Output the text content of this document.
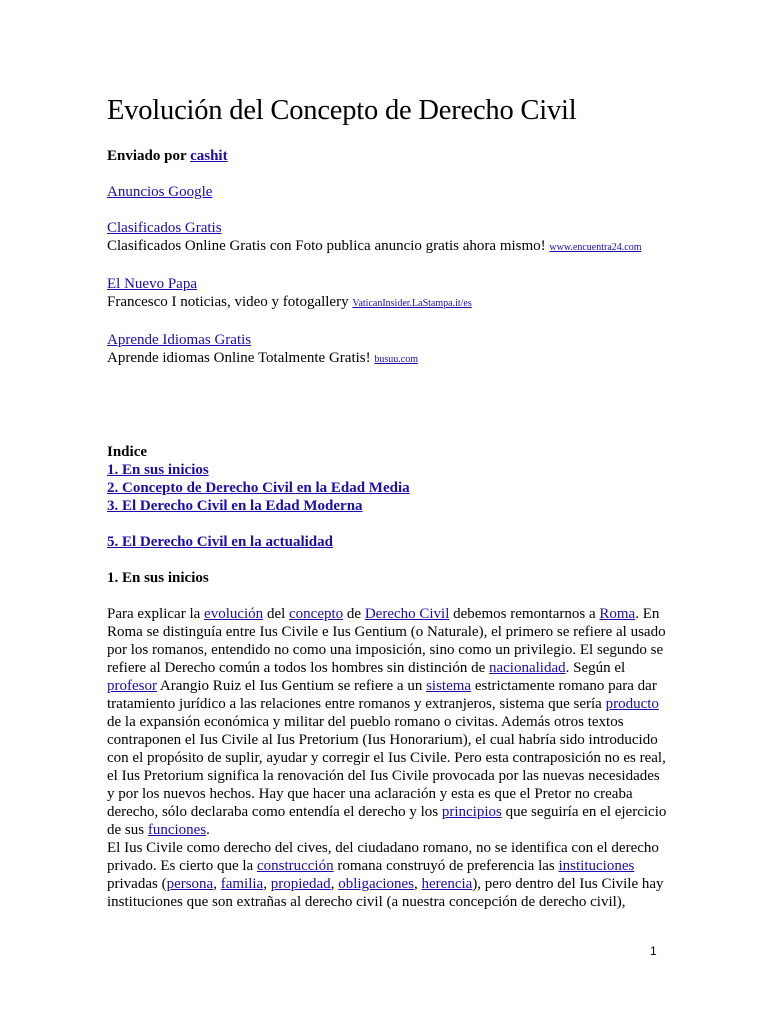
Evolución del Concepto de Derecho Civil
Enviado por cashit
Anuncios Google
Clasificados Gratis
Clasificados Online Gratis con Foto publica anuncio gratis ahora mismo! www.encuentra24.com
El Nuevo Papa
Francesco I noticias, video y fotogallery VaticanInsider.LaStampa.it/es
Aprende Idiomas Gratis
Aprende idiomas Online Totalmente Gratis! busuu.com
Indice
1. En sus inicios
2. Concepto de Derecho Civil en la Edad Media
3. El Derecho Civil en la Edad Moderna
5. El Derecho Civil en la actualidad
1. En sus inicios

Para explicar la evolución del concepto de Derecho Civil debemos remontarnos a Roma. En Roma se distinguía entre Ius Civile e Ius Gentium (o Naturale), el primero se refiere al usado por los romanos, entendido no como una imposición, sino como un privilegio. El segundo se refiere al Derecho común a todos los hombres sin distinción de nacionalidad. Según el profesor Arangio Ruiz el Ius Gentium se refiere a un sistema estrictamente romano para dar tratamiento jurídico a las relaciones entre romanos y extranjeros, sistema que sería producto de la expansión económica y militar del pueblo romano o civitas. Además otros textos contraponen el Ius Civile al Ius Pretorium (Ius Honorarium), el cual habría sido introducido con el propósito de suplir, ayudar y corregir el Ius Civile. Pero esta contraposición no es real, el Ius Pretorium significa la renovación del Ius Civile provocada por las nuevas necesidades y por los nuevos hechos. Hay que hacer una aclaración y esta es que el Pretor no creaba derecho, sólo declaraba como entendía el derecho y los principios que seguiría en el ejercicio de sus funciones.

El Ius Civile como derecho del cives, del ciudadano romano, no se identifica con el derecho privado. Es cierto que la construcción romana construyó de preferencia las instituciones privadas (persona, familia, propiedad, obligaciones, herencia), pero dentro del Ius Civile hay instituciones que son extrañas al derecho civil (a nuestra concepción de derecho civil),

1
